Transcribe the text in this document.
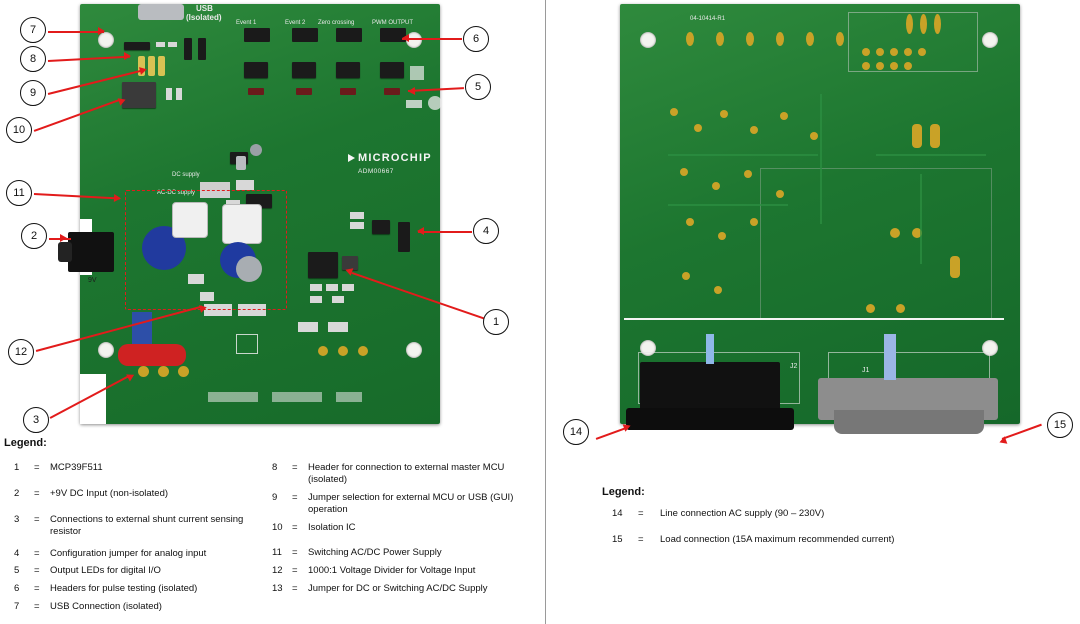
MICROCHIP
ADM00667
USB
(Isolated)
Event 1	Event 2 Zero crossing	PWM OUTPUT
DC supply
AC-DC supply
9V
7
8
9
10
11
2
12
3
1
4
5
6
04-10414-R1
J2
J1
14
15
Legend:
1	=	MCP39F511
2	=	+9V DC Input (non-isolated)
3	=	Connections to external shunt current sensing resistor
4	=	Configuration jumper for analog input
5	=	Output LEDs for digital I/O
6	=	Headers for pulse testing (isolated)
7	=	USB Connection (isolated)
8	=	Header for connection to external master MCU (isolated)
9	=	Jumper selection for external MCU or USB (GUI) operation
10 =	Isolation IC
11	=	Switching AC/DC Power Supply
12 =	1000:1 Voltage Divider for Voltage Input
13 =	Jumper for DC or Switching AC/DC Supply
Legend:
14	=	Line connection AC supply (90 – 230V)
15	=	Load connection (15A maximum recommended current)
